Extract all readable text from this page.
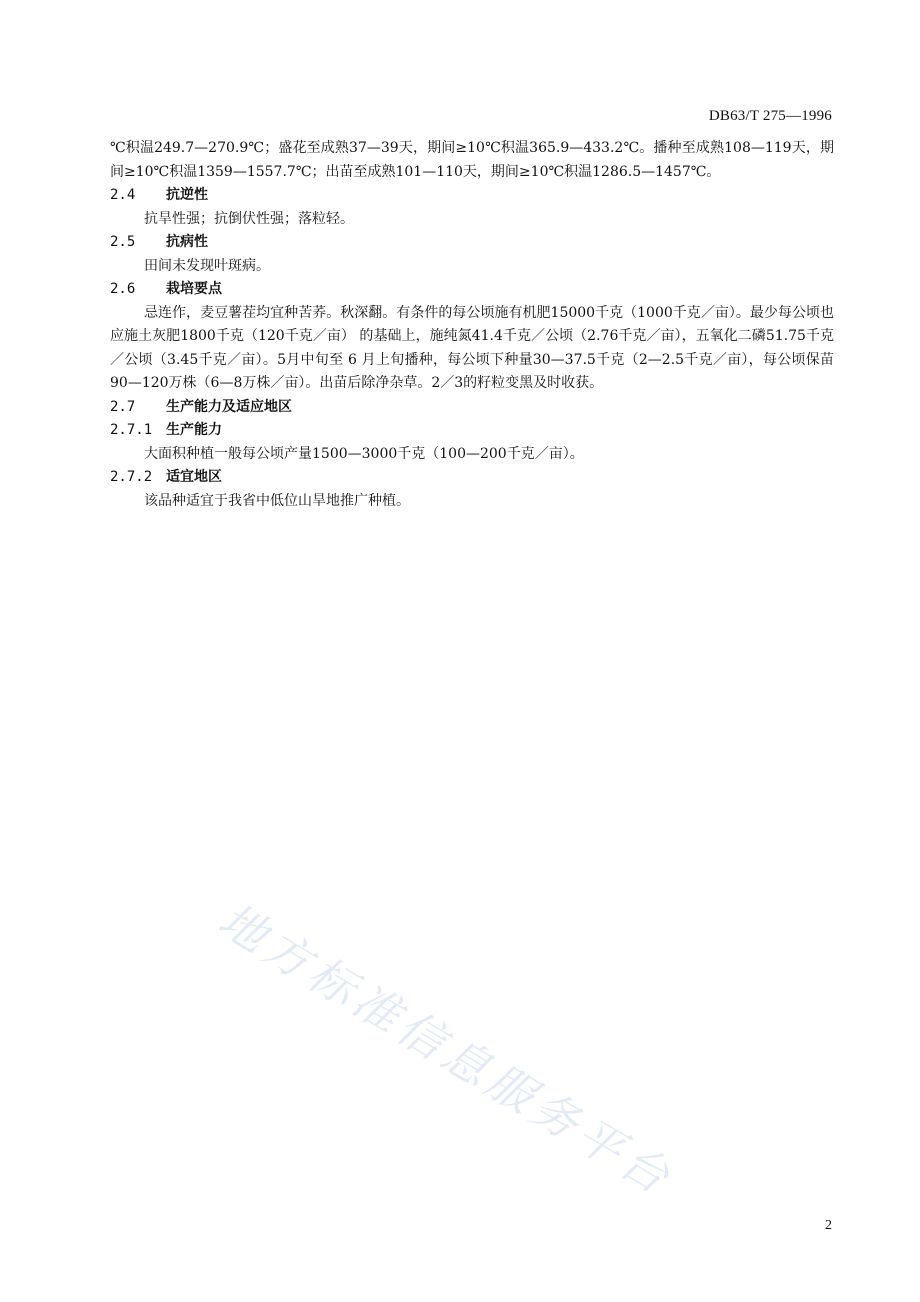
DB63/T 275—1996

℃积温249.7—270.9℃；盛花至成熟37—39天，期间≥10℃积温365.9—433.2℃。播种至成熟108—119天，期间≥10℃积温1359—1557.7℃；出苗至成熟101—110天，期间≥10℃积温1286.5—1457℃。

2.4 抗逆性

抗旱性强；抗倒伏性强；落粒轻。

2.5 抗病性

田间未发现叶斑病。

2.6 栽培要点

忌连作，麦豆薯茬均宜种苦荞。秋深翻。有条件的每公顷施有机肥15000千克（1000千克／亩）。最少每公顷也应施土灰肥1800千克（120千克／亩） 的基础上，施纯氮41.4千克／公顷（2.76千克／亩），五氧化二磷51.75千克／公顷（3.45千克／亩）。5月中旬至 6 月上旬播种，每公顷下种量30—37.5千克（2—2.5千克／亩），每公顷保苗90—120万株（6—8万株／亩）。出苗后除净杂草。2／3的籽粒变黑及时收获。

2.7 生产能力及适应地区

2.7.1 生产能力

大面积种植一般每公顷产量1500—3000千克（100—200千克／亩）。

2.7.2 适宜地区

该品种适宜于我省中低位山旱地推广种植。

地方标准信息服务平台
2
